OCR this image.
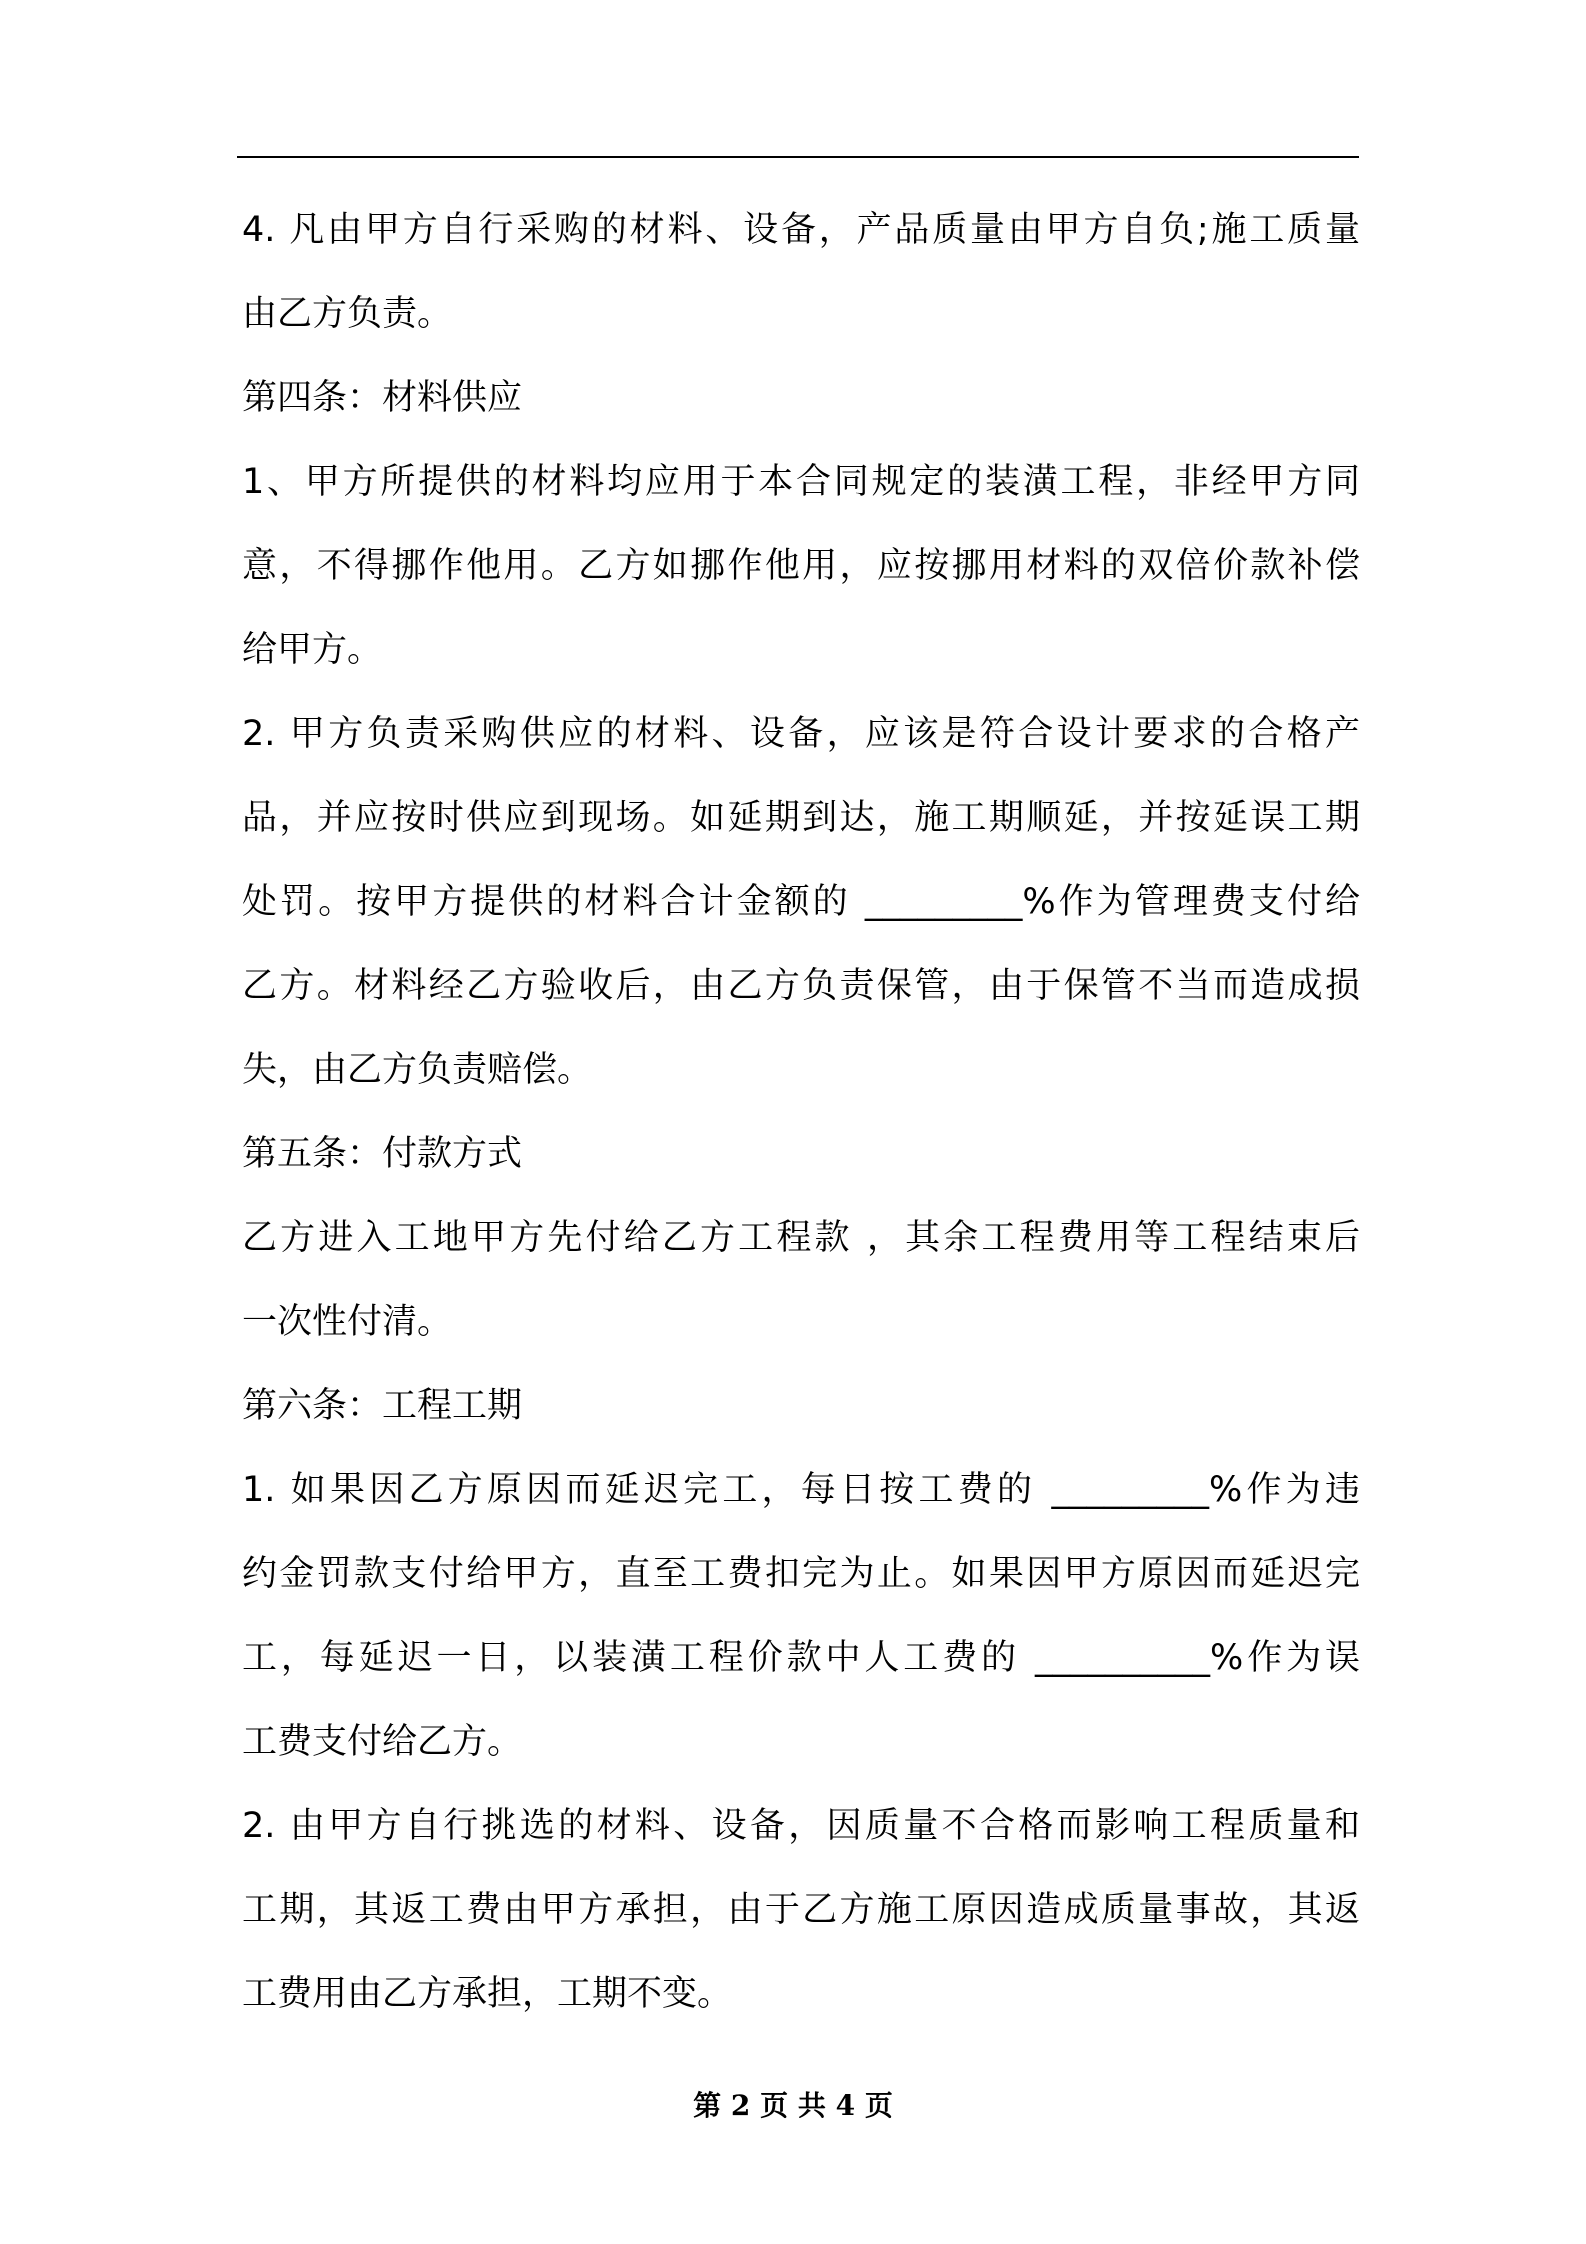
4. 凡由甲方自行采购的材料、设备，产品质量由甲方自负;施工质量
由乙方负责。
第四条：材料供应
1、甲方所提供的材料均应用于本合同规定的装潢工程，非经甲方同
意，不得挪作他用。乙方如挪作他用，应按挪用材料的双倍价款补偿
给甲方。
2. 甲方负责采购供应的材料、设备，应该是符合设计要求的合格产
品，并应按时供应到现场。如延期到达，施工期顺延，并按延误工期
处罚。按甲方提供的材料合计金额的 _________%作为管理费支付给
乙方。材料经乙方验收后，由乙方负责保管，由于保管不当而造成损
失，由乙方负责赔偿。
第五条：付款方式
乙方进入工地甲方先付给乙方工程款 ，其余工程费用等工程结束后
一次性付清。
第六条：工程工期
1. 如果因乙方原因而延迟完工，每日按工费的 _________%作为违
约金罚款支付给甲方，直至工费扣完为止。如果因甲方原因而延迟完
工，每延迟一日，以装潢工程价款中人工费的 __________%作为误
工费支付给乙方。
2. 由甲方自行挑选的材料、设备，因质量不合格而影响工程质量和
工期，其返工费由甲方承担，由于乙方施工原因造成质量事故，其返
工费用由乙方承担，工期不变。
第 2 页 共 4 页
